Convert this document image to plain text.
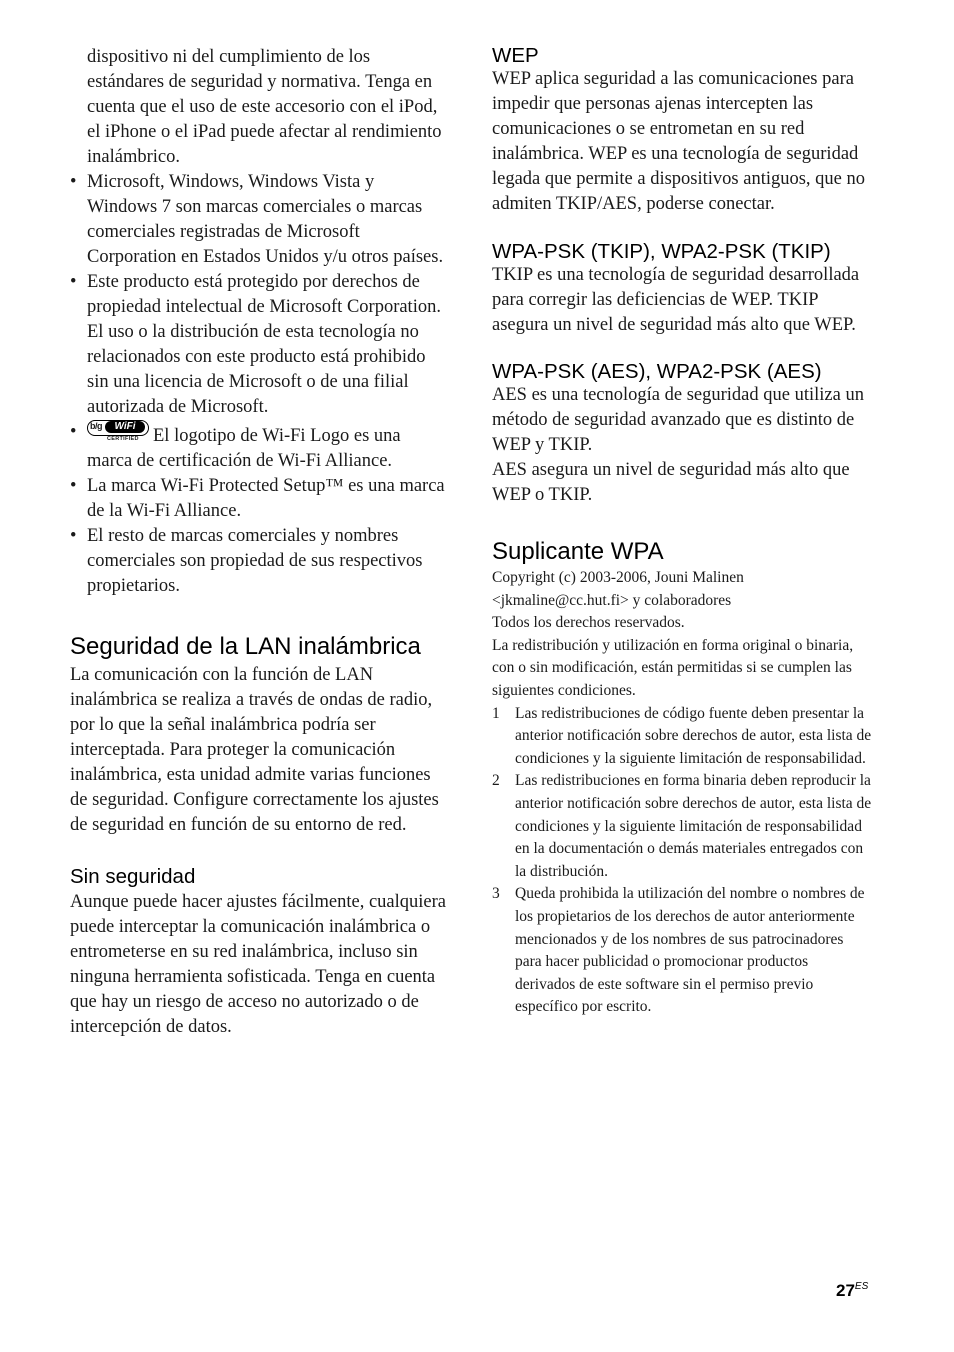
dispositivo ni del cumplimiento de los estándares de seguridad y normativa. Tenga en cuenta que el uso de este accesorio con el iPod, el iPhone o el iPad puede afectar al rendimiento inalámbrico.

• Microsoft, Windows, Windows Vista y Windows 7 son marcas comerciales o marcas comerciales registradas de Microsoft Corporation en Estados Unidos y/u otros países.
• Este producto está protegido por derechos de propiedad intelectual de Microsoft Corporation. El uso o la distribución de esta tecnología no relacionados con este producto está prohibido sin una licencia de Microsoft o de una filial autorizada de Microsoft.
• b/g	WiFi
CERTIFIED El logotipo de Wi-Fi Logo es una marca de certificación de Wi-Fi Alliance.
• La marca Wi-Fi Protected Setup™ es una marca de la Wi-Fi Alliance.
• El resto de marcas comerciales y nombres comerciales son propiedad de sus respectivos propietarios.
Seguridad de la LAN inalámbrica

La comunicación con la función de LAN inalámbrica se realiza a través de ondas de radio, por lo que la señal inalámbrica podría ser interceptada. Para proteger la comunicación inalámbrica, esta unidad admite varias funciones de seguridad. Configure correctamente los ajustes de seguridad en función de su entorno de red.

Sin seguridad

Aunque puede hacer ajustes fácilmente, cualquiera puede interceptar la comunicación inalámbrica o entrometerse en su red inalámbrica, incluso sin ninguna herramienta sofisticada. Tenga en cuenta que hay un riesgo de acceso no autorizado o de intercepción de datos.

WEP

WEP aplica seguridad a las comunicaciones para impedir que personas ajenas intercepten las comunicaciones o se entrometan en su red inalámbrica. WEP es una tecnología de seguridad legada que permite a dispositivos antiguos, que no admiten TKIP/AES, poderse conectar.

WPA-PSK (TKIP), WPA2-PSK (TKIP)

TKIP es una tecnología de seguridad desarrollada para corregir las deficiencias de WEP. TKIP asegura un nivel de seguridad más alto que WEP.

WPA-PSK (AES), WPA2-PSK (AES)

AES es una tecnología de seguridad que utiliza un método de seguridad avanzado que es distinto de WEP y TKIP.

AES asegura un nivel de seguridad más alto que WEP o TKIP.

Suplicante WPA

Copyright (c) 2003-2006, Jouni Malinen <jkmaline@cc.hut.fi> y colaboradores

Todos los derechos reservados.

La redistribución y utilización en forma original o binaria, con o sin modificación, están permitidas si se cumplen las siguientes condiciones.

1 Las redistribuciones de código fuente deben presentar la anterior notificación sobre derechos de autor, esta lista de condiciones y la siguiente limitación de responsabilidad.
2 Las redistribuciones en forma binaria deben reproducir la anterior notificación sobre derechos de autor, esta lista de condiciones y la siguiente limitación de responsabilidad en la documentación o demás materiales entregados con la distribución.
3 Queda prohibida la utilización del nombre o nombres de los propietarios de los derechos de autor anteriormente mencionados y de los nombres de sus patrocinadores para hacer publicidad o promocionar productos derivados de este software sin el permiso previo específico por escrito.
$27^{ES}$
